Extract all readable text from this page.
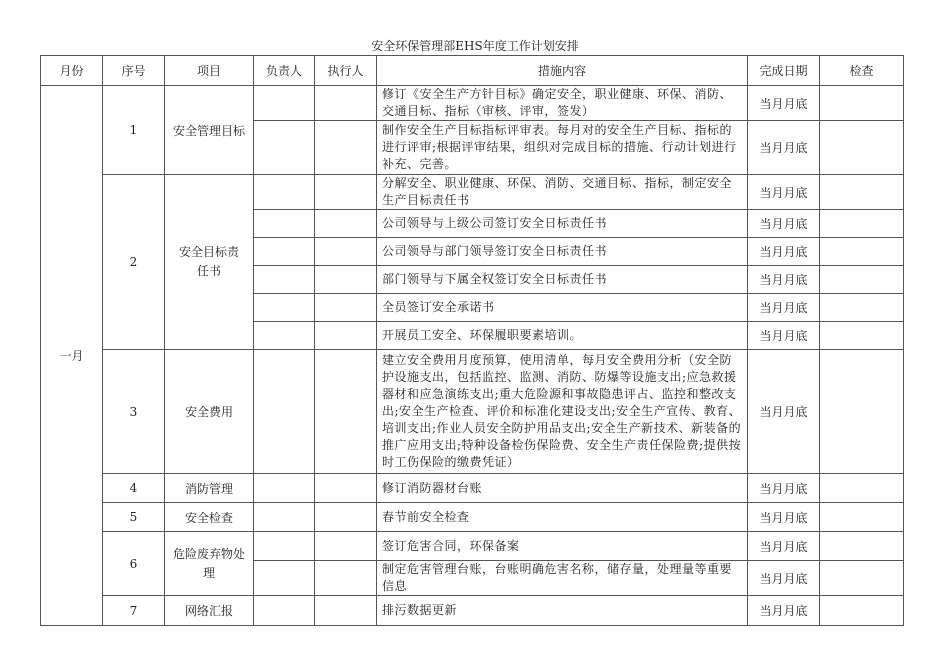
安全环保管理部EHS年度工作计划安排
月份	序号	项目	负责人	执行人	措施内容	完成日期	检查
一月	1	安全管理目标			修订《安全生产方针目标》确定安全，职业健康、环保、消防、交通目标、指标（审核、评审，签发）	当月月底	
					制作安全生产目标指标评审表。每月对的安全生产目标、指标的进行评审;根据评审结果，组织对完成目标的措施、行动计划进行补充、完善。	当月月底	
	2	安全目标责任书			分解安全、职业健康、环保、消防、交通目标、指标，制定安全生产目标责任书	当月月底	
					公司领导与上级公司签订安全日标责任书	当月月底	
					公司领导与部门领导签订安全日标责任书	当月月底	
					部门领导与下属全权签订安全日标责任书	当月月底	
					全员签订安全承诺书	当月月底	
					开展员工安全、环保履职要素培训。	当月月底	
	3	安全费用			建立安全费用月度预算，使用清单，每月安全费用分析（安全防护设施支出，包括监控、监测、消防、防爆等设施支出;应急救援器材和应急演练支出;重大危险源和事故隐患评占、监控和整改支出;安全生产检查、评价和标准化建设支出;安全生产宣传、教育、培训支出;作业人员安全防护用品支出;安全生产新技术、新装备的推广应用支出;特种设备检伤保险费、安全生产责任保险费;提供按时工伤保险的缴费凭证）	当月月底	
	4	消防管理			修订消防器材台账	当月月底	
	5	安全检查			春节前安全检查	当月月底	
	6	危险废弃物处理			签订危害合同，环保备案	当月月底	
					制定危害管理台账，台账明确危害名称，储存量，处理量等重要信息	当月月底	
	7	网络汇报			排污数据更新	当月月底	
